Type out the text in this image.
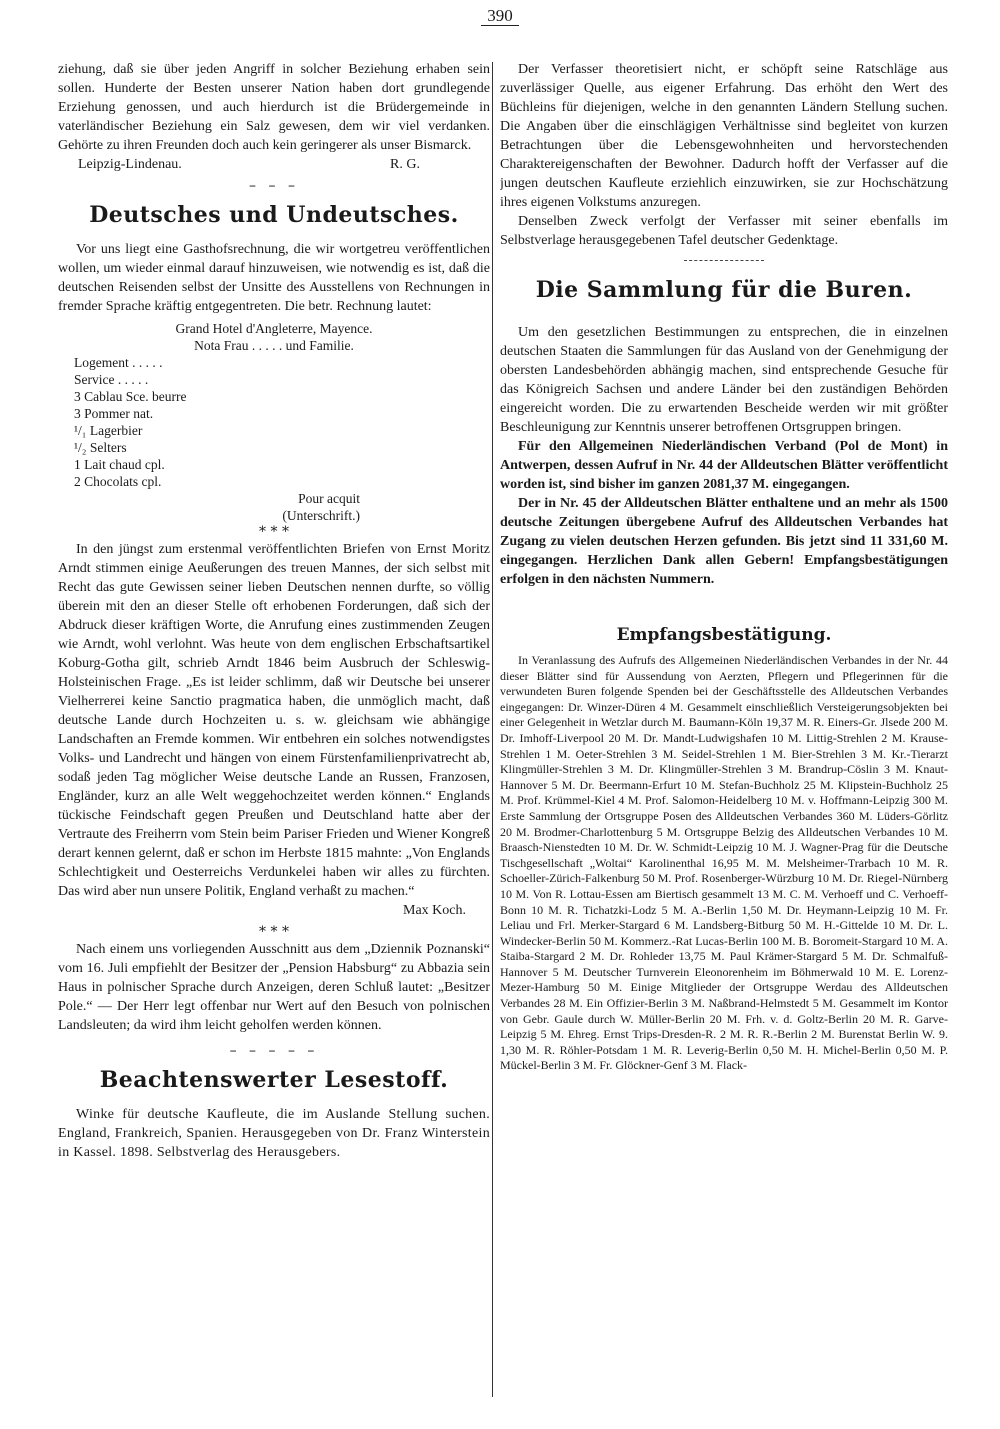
390

ziehung, daß sie über jeden Angriff in solcher Beziehung erhaben sein sollen. Hunderte der Besten unserer Nation haben dort grundlegende Erziehung genossen, und auch hierdurch ist die Brüdergemeinde in vaterländischer Beziehung ein Salz gewesen, dem wir viel verdanken. Gehörte zu ihren Freunden doch auch kein geringerer als unser Bismarck.

Leipzig-Lindenau.	R. G.
– – –
Deutsches und Undeutsches.

Vor uns liegt eine Gasthofsrechnung, die wir wortgetreu veröffentlichen wollen, um wieder einmal darauf hinzuweisen, wie notwendig es ist, daß die deutschen Reisenden selbst der Unsitte des Ausstellens von Rechnungen in fremder Sprache kräftig entgegentreten. Die betr. Rechnung lautet:

Grand Hotel d'Angleterre, Mayence.
Nota Frau . . . . . und Familie.
Logement . . . . .
Service . . . . .
3 Cablau Sce. beurre
3 Pommer nat.
¹/₁ Lagerbier
¹/₂ Selters
1 Lait chaud cpl.
2 Chocolats cpl.
Pour acquit
(Unterschrift.)
* * *

In den jüngst zum erstenmal veröffentlichten Briefen von Ernst Moritz Arndt stimmen einige Aeußerungen des treuen Mannes, der sich selbst mit Recht das gute Gewissen seiner lieben Deutschen nennen durfte, so völlig überein mit den an dieser Stelle oft erhobenen Forderungen, daß sich der Abdruck dieser kräftigen Worte, die Anrufung eines zustimmenden Zeugen wie Arndt, wohl verlohnt. Was heute von dem englischen Erbschaftsartikel Koburg-Gotha gilt, schrieb Arndt 1846 beim Ausbruch der Schleswig-Holsteinischen Frage. „Es ist leider schlimm, daß wir Deutsche bei unserer Vielherrerei keine Sanctio pragmatica haben, die unmöglich macht, daß deutsche Lande durch Hochzeiten u. s. w. gleichsam wie abhängige Landschaften an Fremde kommen. Wir entbehren ein solches notwendigstes Volks- und Landrecht und hängen von einem Fürstenfamilienprivatrecht ab, sodaß jeden Tag möglicher Weise deutsche Lande an Russen, Franzosen, Engländer, kurz an alle Welt weggehochzeitet werden können.“ Englands tückische Feindschaft gegen Preußen und Deutschland hatte aber der Vertraute des Freiherrn vom Stein beim Pariser Frieden und Wiener Kongreß derart kennen gelernt, daß er schon im Herbste 1815 mahnte: „Von Englands Schlechtigkeit und Oesterreichs Verdunkelei haben wir alles zu fürchten. Das wird aber nun unsere Politik, England verhaßt zu machen.“

Max Koch.
* * *

Nach einem uns vorliegenden Ausschnitt aus dem „Dziennik Poznanski“ vom 16. Juli empfiehlt der Besitzer der „Pension Habsburg“ zu Abbazia sein Haus in polnischer Sprache durch Anzeigen, deren Schluß lautet: „Besitzer Pole.“ — Der Herr legt offenbar nur Wert auf den Besuch von polnischen Landsleuten; da wird ihm leicht geholfen werden können.

– – – – –
Beachtenswerter Lesestoff.

Winke für deutsche Kaufleute, die im Auslande Stellung suchen. England, Frankreich, Spanien. Herausgegeben von Dr. Franz Winterstein in Kassel. 1898. Selbstverlag des Herausgebers.

Der Verfasser theoretisiert nicht, er schöpft seine Ratschläge aus zuverlässiger Quelle, aus eigener Erfahrung. Das erhöht den Wert des Büchleins für diejenigen, welche in den genannten Ländern Stellung suchen. Die Angaben über die einschlägigen Verhältnisse sind begleitet von kurzen Betrachtungen über die Lebensgewohnheiten und hervorstechenden Charaktereigenschaften der Bewohner. Dadurch hofft der Verfasser auf die jungen deutschen Kaufleute erziehlich einzuwirken, sie zur Hochschätzung ihres eigenen Volkstums anzuregen.

Denselben Zweck verfolgt der Verfasser mit seiner ebenfalls im Selbstverlage herausgegebenen Tafel deutscher Gedenktage.

Die Sammlung für die Buren.

Um den gesetzlichen Bestimmungen zu entsprechen, die in einzelnen deutschen Staaten die Sammlungen für das Ausland von der Genehmigung der obersten Landesbehörden abhängig machen, sind entsprechende Gesuche für das Königreich Sachsen und andere Länder bei den zuständigen Behörden eingereicht worden. Die zu erwartenden Bescheide werden wir mit größter Beschleunigung zur Kenntnis unserer betroffenen Ortsgruppen bringen.

Für den Allgemeinen Niederländischen Verband (Pol de Mont) in Antwerpen, dessen Aufruf in Nr. 44 der Alldeutschen Blätter veröffentlicht worden ist, sind bisher im ganzen 2081,37 M. eingegangen.

Der in Nr. 45 der Alldeutschen Blätter enthaltene und an mehr als 1500 deutsche Zeitungen übergebene Aufruf des Alldeutschen Verbandes hat Zugang zu vielen deutschen Herzen gefunden. Bis jetzt sind 11 331,60 M. eingegangen. Herzlichen Dank allen Gebern! Empfangsbestätigungen erfolgen in den nächsten Nummern.

Empfangsbestätigung.

In Veranlassung des Aufrufs des Allgemeinen Niederländischen Verbandes in der Nr. 44 dieser Blätter sind für Aussendung von Aerzten, Pflegern und Pflegerinnen für die verwundeten Buren folgende Spenden bei der Geschäftsstelle des Alldeutschen Verbandes eingegangen: Dr. Winzer-Düren 4 M. Gesammelt einschließlich Versteigerungsobjekten bei einer Gelegenheit in Wetzlar durch M. Baumann-Köln 19,37 M. R. Einers-Gr. Jlsede 200 M. Dr. Imhoff-Liverpool 20 M. Dr. Mandt-Ludwigshafen 10 M. Littig-Strehlen 2 M. Krause-Strehlen 1 M. Oeter-Strehlen 3 M. Seidel-Strehlen 1 M. Bier-Strehlen 3 M. Kr.-Tierarzt Klingmüller-Strehlen 3 M. Dr. Klingmüller-Strehlen 3 M. Brandrup-Cöslin 3 M. Knaut-Hannover 5 M. Dr. Beermann-Erfurt 10 M. Stefan-Buchholz 25 M. Klipstein-Buchholz 25 M. Prof. Krümmel-Kiel 4 M. Prof. Salomon-Heidelberg 10 M. v. Hoffmann-Leipzig 300 M. Erste Sammlung der Ortsgruppe Posen des Alldeutschen Verbandes 360 M. Lüders-Görlitz 20 M. Brodmer-Charlottenburg 5 M. Ortsgruppe Belzig des Alldeutschen Verbandes 10 M. Braasch-Nienstedten 10 M. Dr. W. Schmidt-Leipzig 10 M. J. Wagner-Prag für die Deutsche Tischgesellschaft „Woltai“ Karolinenthal 16,95 M. M. Melsheimer-Trarbach 10 M. R. Schoeller-Zürich-Falkenburg 50 M. Prof. Rosenberger-Würzburg 10 M. Dr. Riegel-Nürnberg 10 M. Von R. Lottau-Essen am Biertisch gesammelt 13 M. C. M. Verhoeff und C. Verhoeff-Bonn 10 M. R. Tichatzki-Lodz 5 M. A.-Berlin 1,50 M. Dr. Heymann-Leipzig 10 M. Fr. Leliau und Frl. Merker-Stargard 6 M. Landsberg-Bitburg 50 M. H.-Gittelde 10 M. Dr. L. Windecker-Berlin 50 M. Kommerz.-Rat Lucas-Berlin 100 M. B. Boromeit-Stargard 10 M. A. Staiba-Stargard 2 M. Dr. Rohleder 13,75 M. Paul Krämer-Stargard 5 M. Dr. Schmalfuß-Hannover 5 M. Deutscher Turnverein Eleonorenheim im Böhmerwald 10 M. E. Lorenz-Mezer-Hamburg 50 M. Einige Mitglieder der Ortsgruppe Werdau des Alldeutschen Verbandes 28 M. Ein Offizier-Berlin 3 M. Naßbrand-Helmstedt 5 M. Gesammelt im Kontor von Gebr. Gaule durch W. Müller-Berlin 20 M. Frh. v. d. Goltz-Berlin 20 M. R. Garve-Leipzig 5 M. Ehreg. Ernst Trips-Dresden-R. 2 M. R. R.-Berlin 2 M. Burenstat Berlin W. 9. 1,30 M. R. Röhler-Potsdam 1 M. R. Leverig-Berlin 0,50 M. H. Michel-Berlin 0,50 M. P. Mückel-Berlin 3 M. Fr. Glöckner-Genf 3 M. Flack-
